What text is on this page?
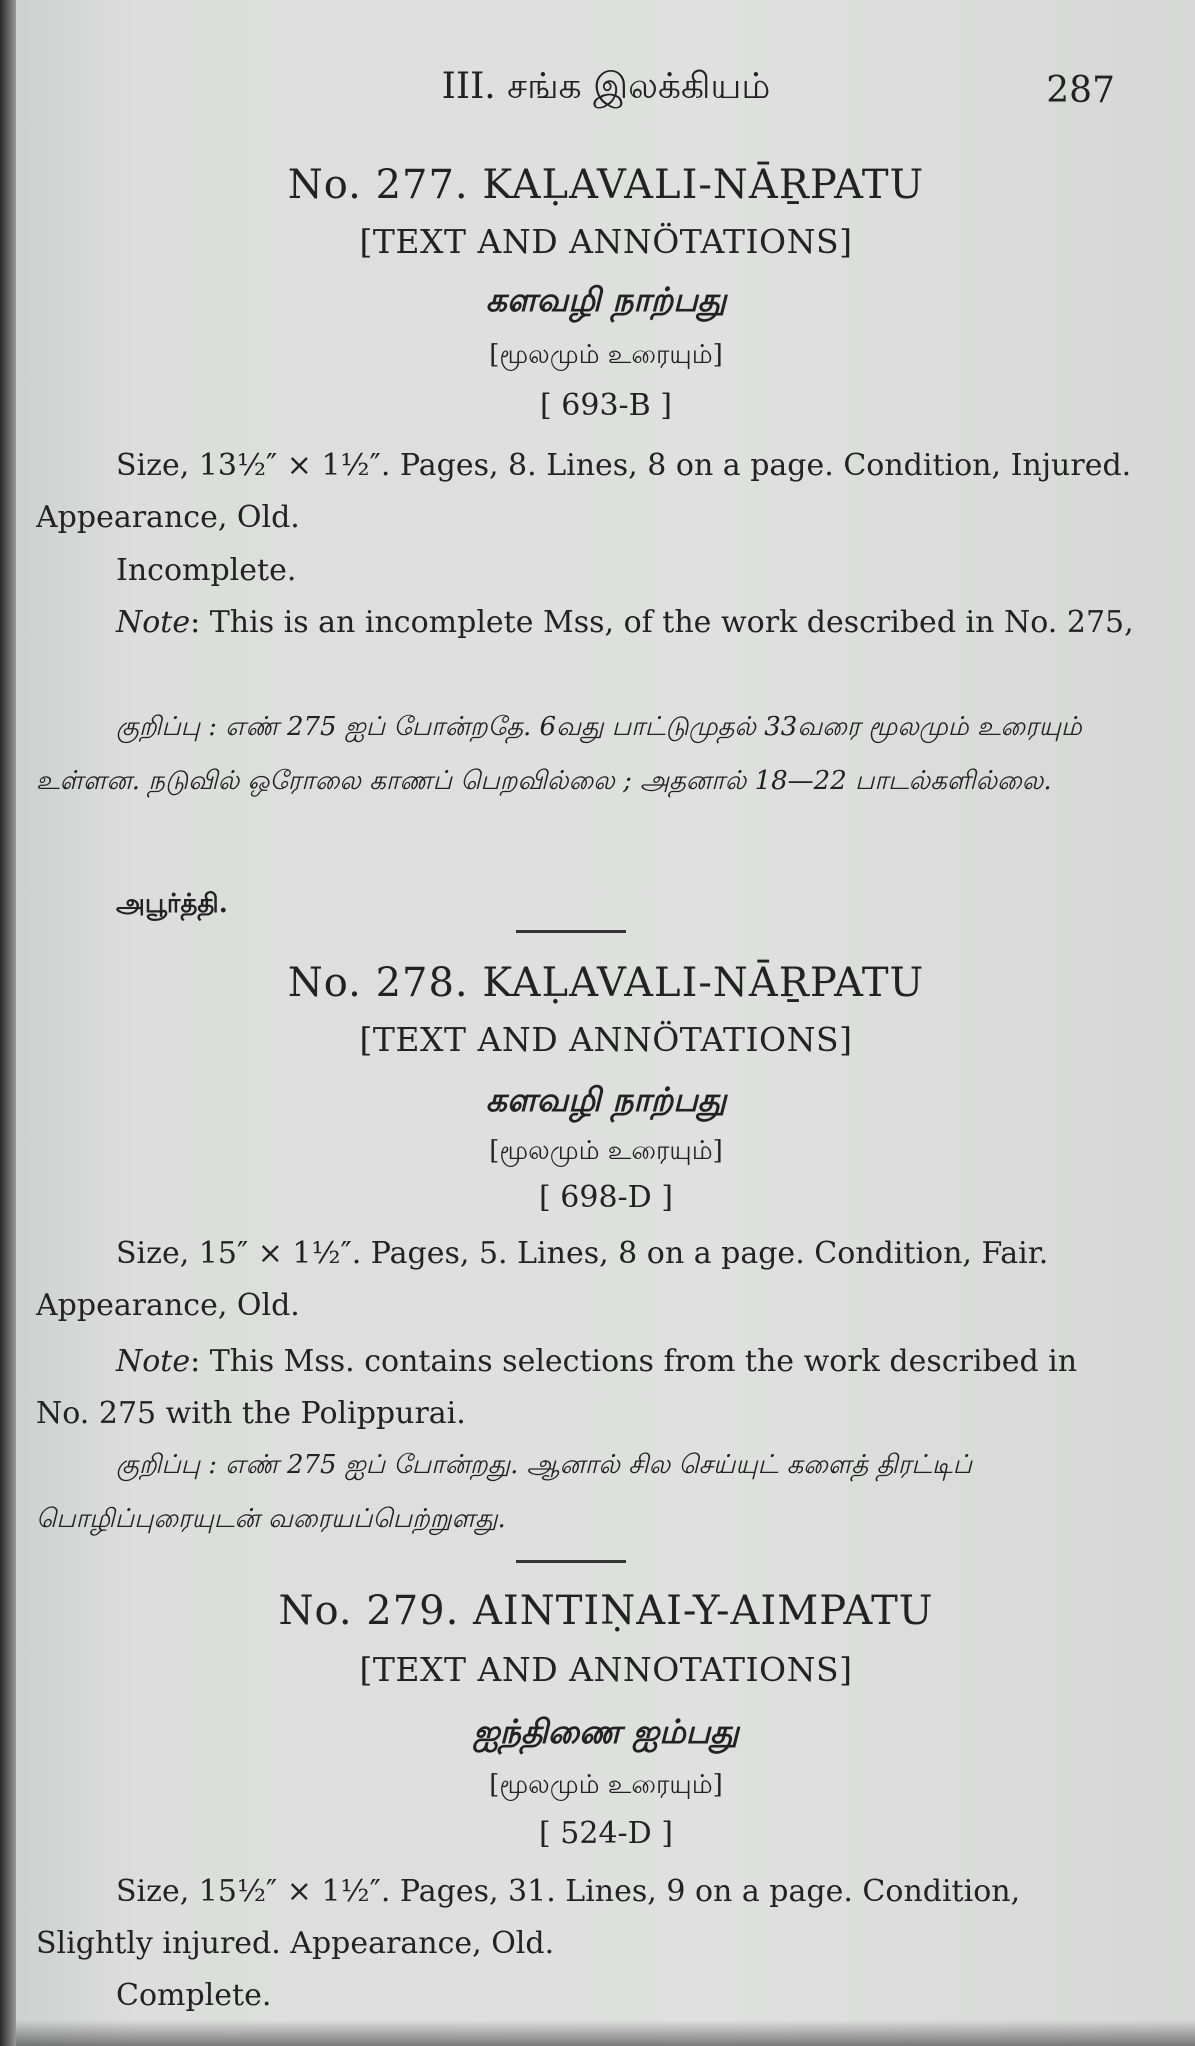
III. சங்க இலக்கியம்	287
No. 277. KAḶAVALI-NĀṞPATU
[TEXT AND ANNÖTATIONS]
களவழி நாற்பது
[மூலமும் உரையும்]
[ 693-B ]
Size, 13½″ × 1½″. Pages, 8. Lines, 8 on a page. Condition, Injured. Appearance, Old.
Incomplete.
Note: This is an incomplete Mss, of the work described in No. 275,
குறிப்பு : எண் 275 ஐப் போன்றதே. 6வது பாட்டுமுதல் 33வரை மூலமும் உரையும் உள்ளன. நடுவில் ஒரோலை காணப் பெறவில்லை ; அதனால் 18—22 பாடல்களில்லை.
அபூர்த்தி.
No. 278. KAḶAVALI-NĀṞPATU
[TEXT AND ANNÖTATIONS]
களவழி நாற்பது
[மூலமும் உரையும்]
[ 698-D ]
Size, 15″ × 1½″. Pages, 5. Lines, 8 on a page. Condition, Fair. Appearance, Old.
Note: This Mss. contains selections from the work described in No. 275 with the Polippurai.
குறிப்பு : எண் 275 ஐப் போன்றது. ஆனால் சில செய்யுட் களைத் திரட்டிப் பொழிப்புரையுடன் வரையப்பெற்றுளது.
No. 279. AINTIṆAI-Y-AIMPATU
[TEXT AND ANNOTATIONS]
ஐந்திணை ஐம்பது
[மூலமும் உரையும்]
[ 524-D ]
Size, 15½″ × 1½″. Pages, 31. Lines, 9 on a page. Condition, Slightly injured. Appearance, Old.
Complete.
